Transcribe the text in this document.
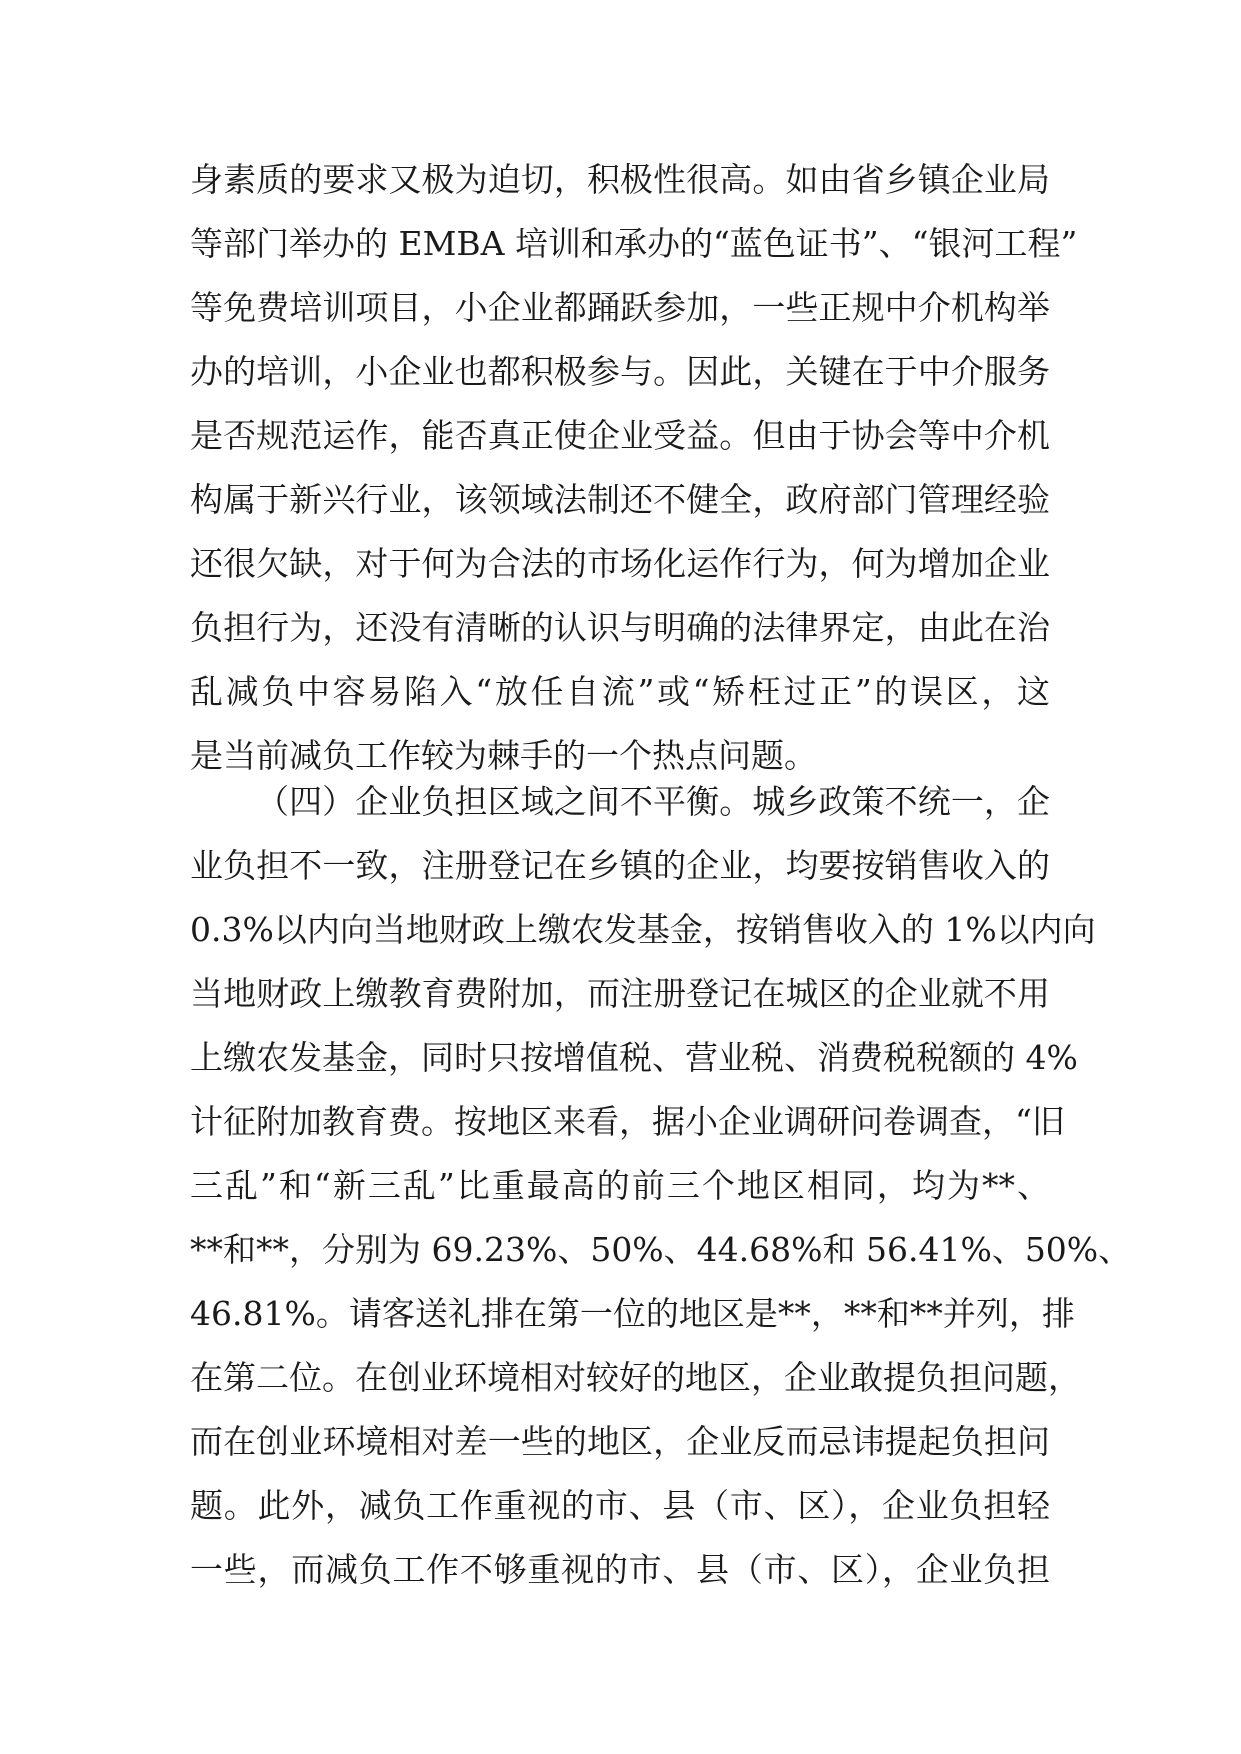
身素质的要求又极为迫切，积极性很高。如由省乡镇企业局
等部门举办的 EMBA 培训和承办的“蓝色证书”、“银河工程”
等免费培训项目，小企业都踊跃参加，一些正规中介机构举
办的培训，小企业也都积极参与。因此，关键在于中介服务
是否规范运作，能否真正使企业受益。但由于协会等中介机
构属于新兴行业，该领域法制还不健全，政府部门管理经验
还很欠缺，对于何为合法的市场化运作行为，何为增加企业
负担行为，还没有清晰的认识与明确的法律界定，由此在治
乱减负中容易陷入“放任自流”或“矫枉过正”的误区，这
是当前减负工作较为棘手的一个热点问题。
（四）企业负担区域之间不平衡。城乡政策不统一，企
业负担不一致，注册登记在乡镇的企业，均要按销售收入的
0.3%以内向当地财政上缴农发基金，按销售收入的 1%以内向
当地财政上缴教育费附加，而注册登记在城区的企业就不用
上缴农发基金，同时只按增值税、营业税、消费税税额的 4%
计征附加教育费。按地区来看，据小企业调研问卷调查，“旧
三乱”和“新三乱”比重最高的前三个地区相同，均为**、
**和**，分别为 69.23%、50%、44.68%和 56.41%、50%、
46.81%。请客送礼排在第一位的地区是**，**和**并列，排
在第二位。在创业环境相对较好的地区，企业敢提负担问题，
而在创业环境相对差一些的地区，企业反而忌讳提起负担问
题。此外，减负工作重视的市、县（市、区），企业负担轻
一些，而减负工作不够重视的市、县（市、区），企业负担
